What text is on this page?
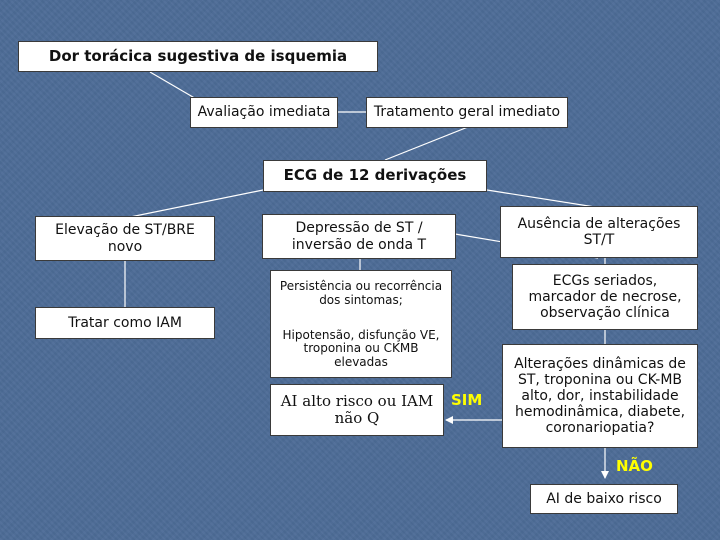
Dor torácica sugestiva de isquemia
Avaliação imediata	Tratamento geral imediato
ECG de 12 derivações
Elevação de ST/BRE novo
Depressão de ST / inversão de onda T
Ausência de alterações ST/T
Tratar como IAM
Persistência ou recorrência dos sintomas;
Hipotensão, disfunção VE, troponina ou CKMB elevadas
ECGs seriados, marcador de necrose, observação clínica
Alterações dinâmicas de ST, troponina ou CK-MB alto, dor, instabilidade hemodinâmica, diabete, coronariopatia?
AI alto risco ou IAM não Q
SIM
NÃO
AI de baixo risco
